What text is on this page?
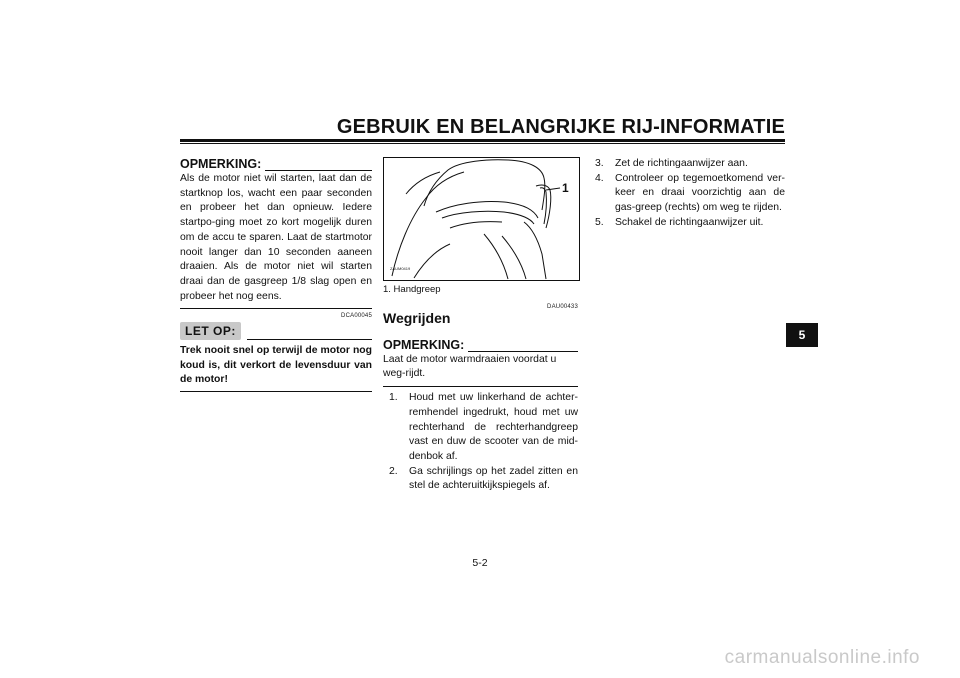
GEBRUIK EN BELANGRIJKE RIJ-INFORMATIE
OPMERKING:
Als de motor niet wil starten, laat dan de startknop los, wacht een paar seconden en probeer het dan opnieuw. Iedere startpo-ging moet zo kort mogelijk duren om de accu te sparen. Laat de startmotor nooit langer dan 10 seconden aaneen draaien. Als de motor niet wil starten draai dan de gasgreep 1/8 slag open en probeer het nog eens.
DCA00045
LET OP:
Trek nooit snel op terwijl de motor nog koud is, dit verkort de levensduur van de motor!
1
ZAUM0419
1. Handgreep
DAU00433
Wegrijden
OPMERKING:
Laat de motor warmdraaien voordat u weg-rijdt.
1. Houd met uw linkerhand de achter-remhendel ingedrukt, houd met uw rechterhand de rechterhandgreep vast en duw de scooter van de mid-denbok af.
2. Ga schrijlings op het zadel zitten en stel de achteruitkijkspiegels af.
3. Zet de richtingaanwijzer aan.
4. Controleer op tegemoetkomend ver-keer en draai voorzichtig aan de gas-greep (rechts) om weg te rijden.
5. Schakel de richtingaanwijzer uit.
5
5-2
carmanualsonline.info
